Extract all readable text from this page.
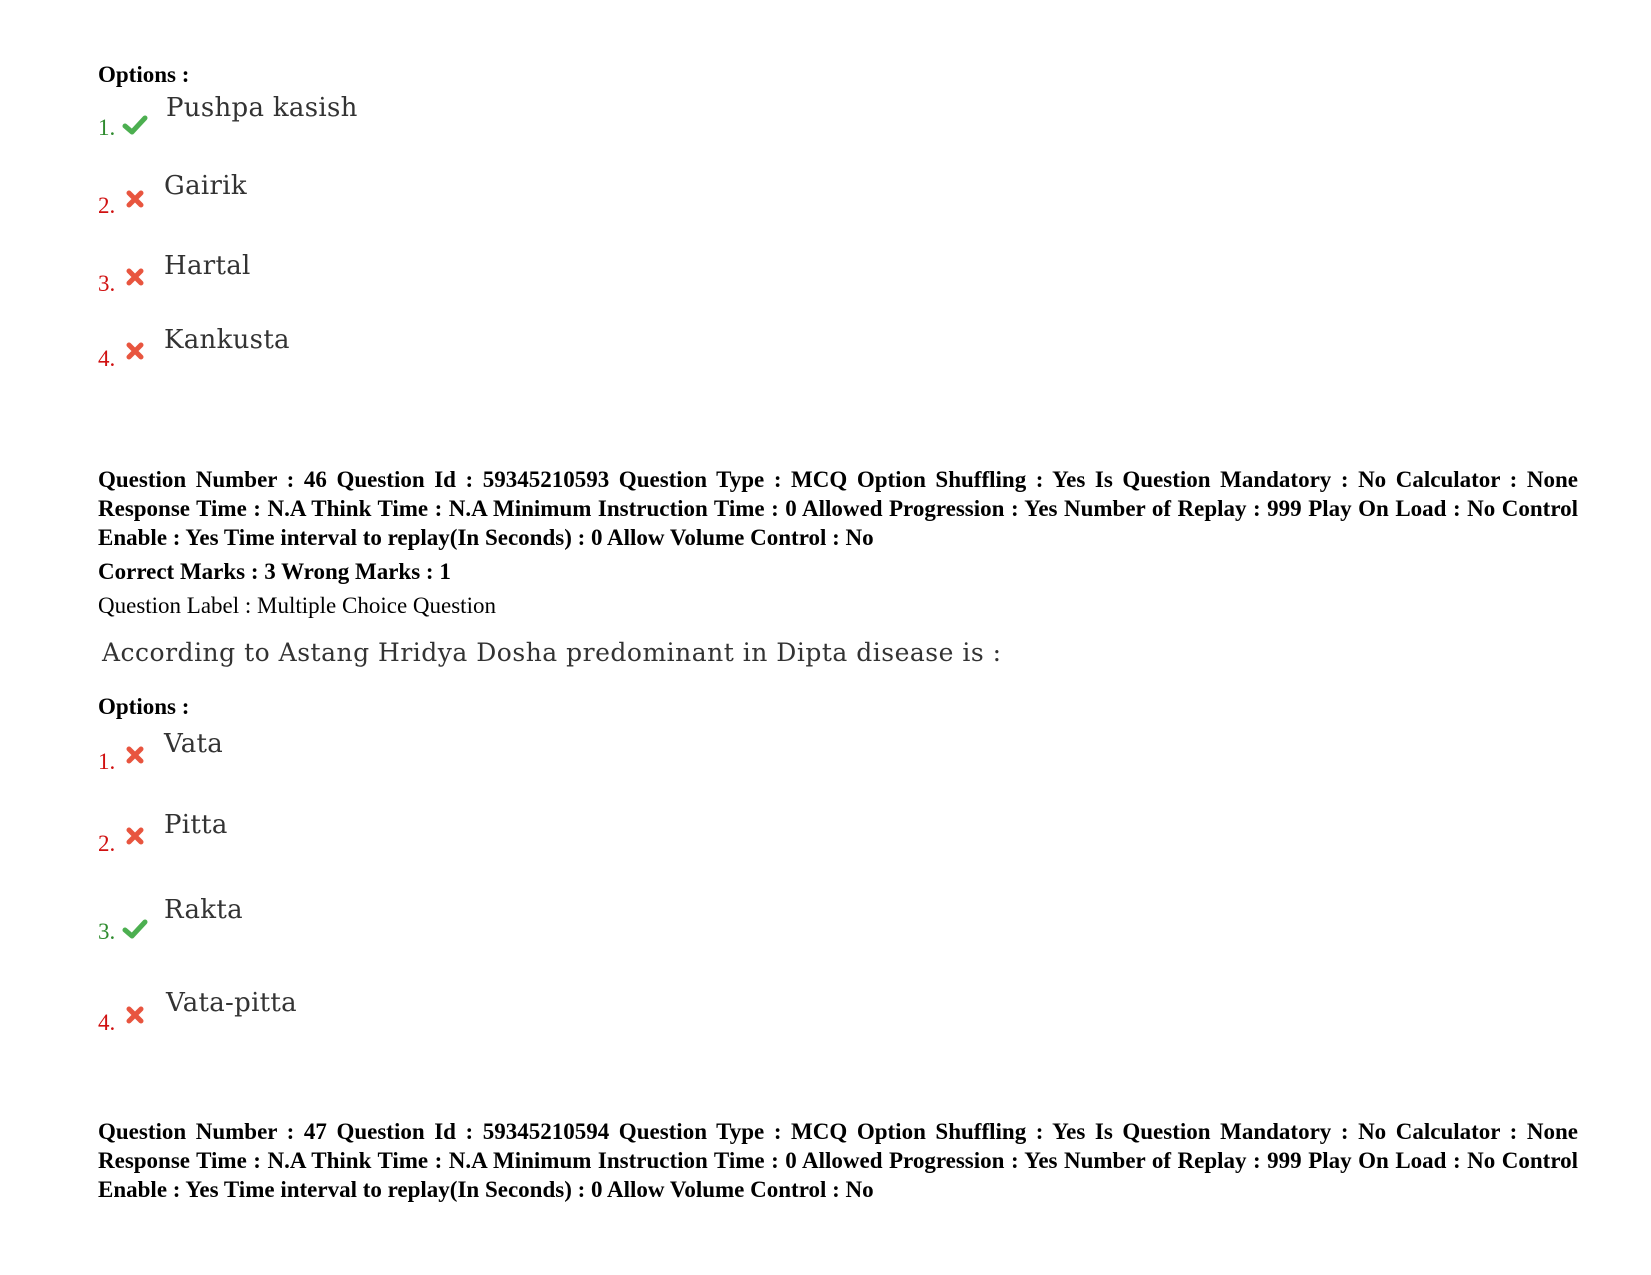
Options :
1.
Pushpa kasish
2.
Gairik
3.
Hartal
4.
Kankusta
Question Number : 46 Question Id : 59345210593 Question Type : MCQ Option Shuffling : Yes Is Question Mandatory : No Calculator : None Response Time : N.A Think Time : N.A Minimum Instruction Time : 0 Allowed Progression : Yes Number of Replay : 999 Play On Load : No Control Enable : Yes Time interval to replay(In Seconds) : 0 Allow Volume Control : No
Correct Marks : 3 Wrong Marks : 1
Question Label : Multiple Choice Question
According to Astang Hridya Dosha predominant in Dipta disease is :
Options :
1.
Vata
2.
Pitta
3.
Rakta
4.
Vata-pitta
Question Number : 47 Question Id : 59345210594 Question Type : MCQ Option Shuffling : Yes Is Question Mandatory : No Calculator : None Response Time : N.A Think Time : N.A Minimum Instruction Time : 0 Allowed Progression : Yes Number of Replay : 999 Play On Load : No Control Enable : Yes Time interval to replay(In Seconds) : 0 Allow Volume Control : No
